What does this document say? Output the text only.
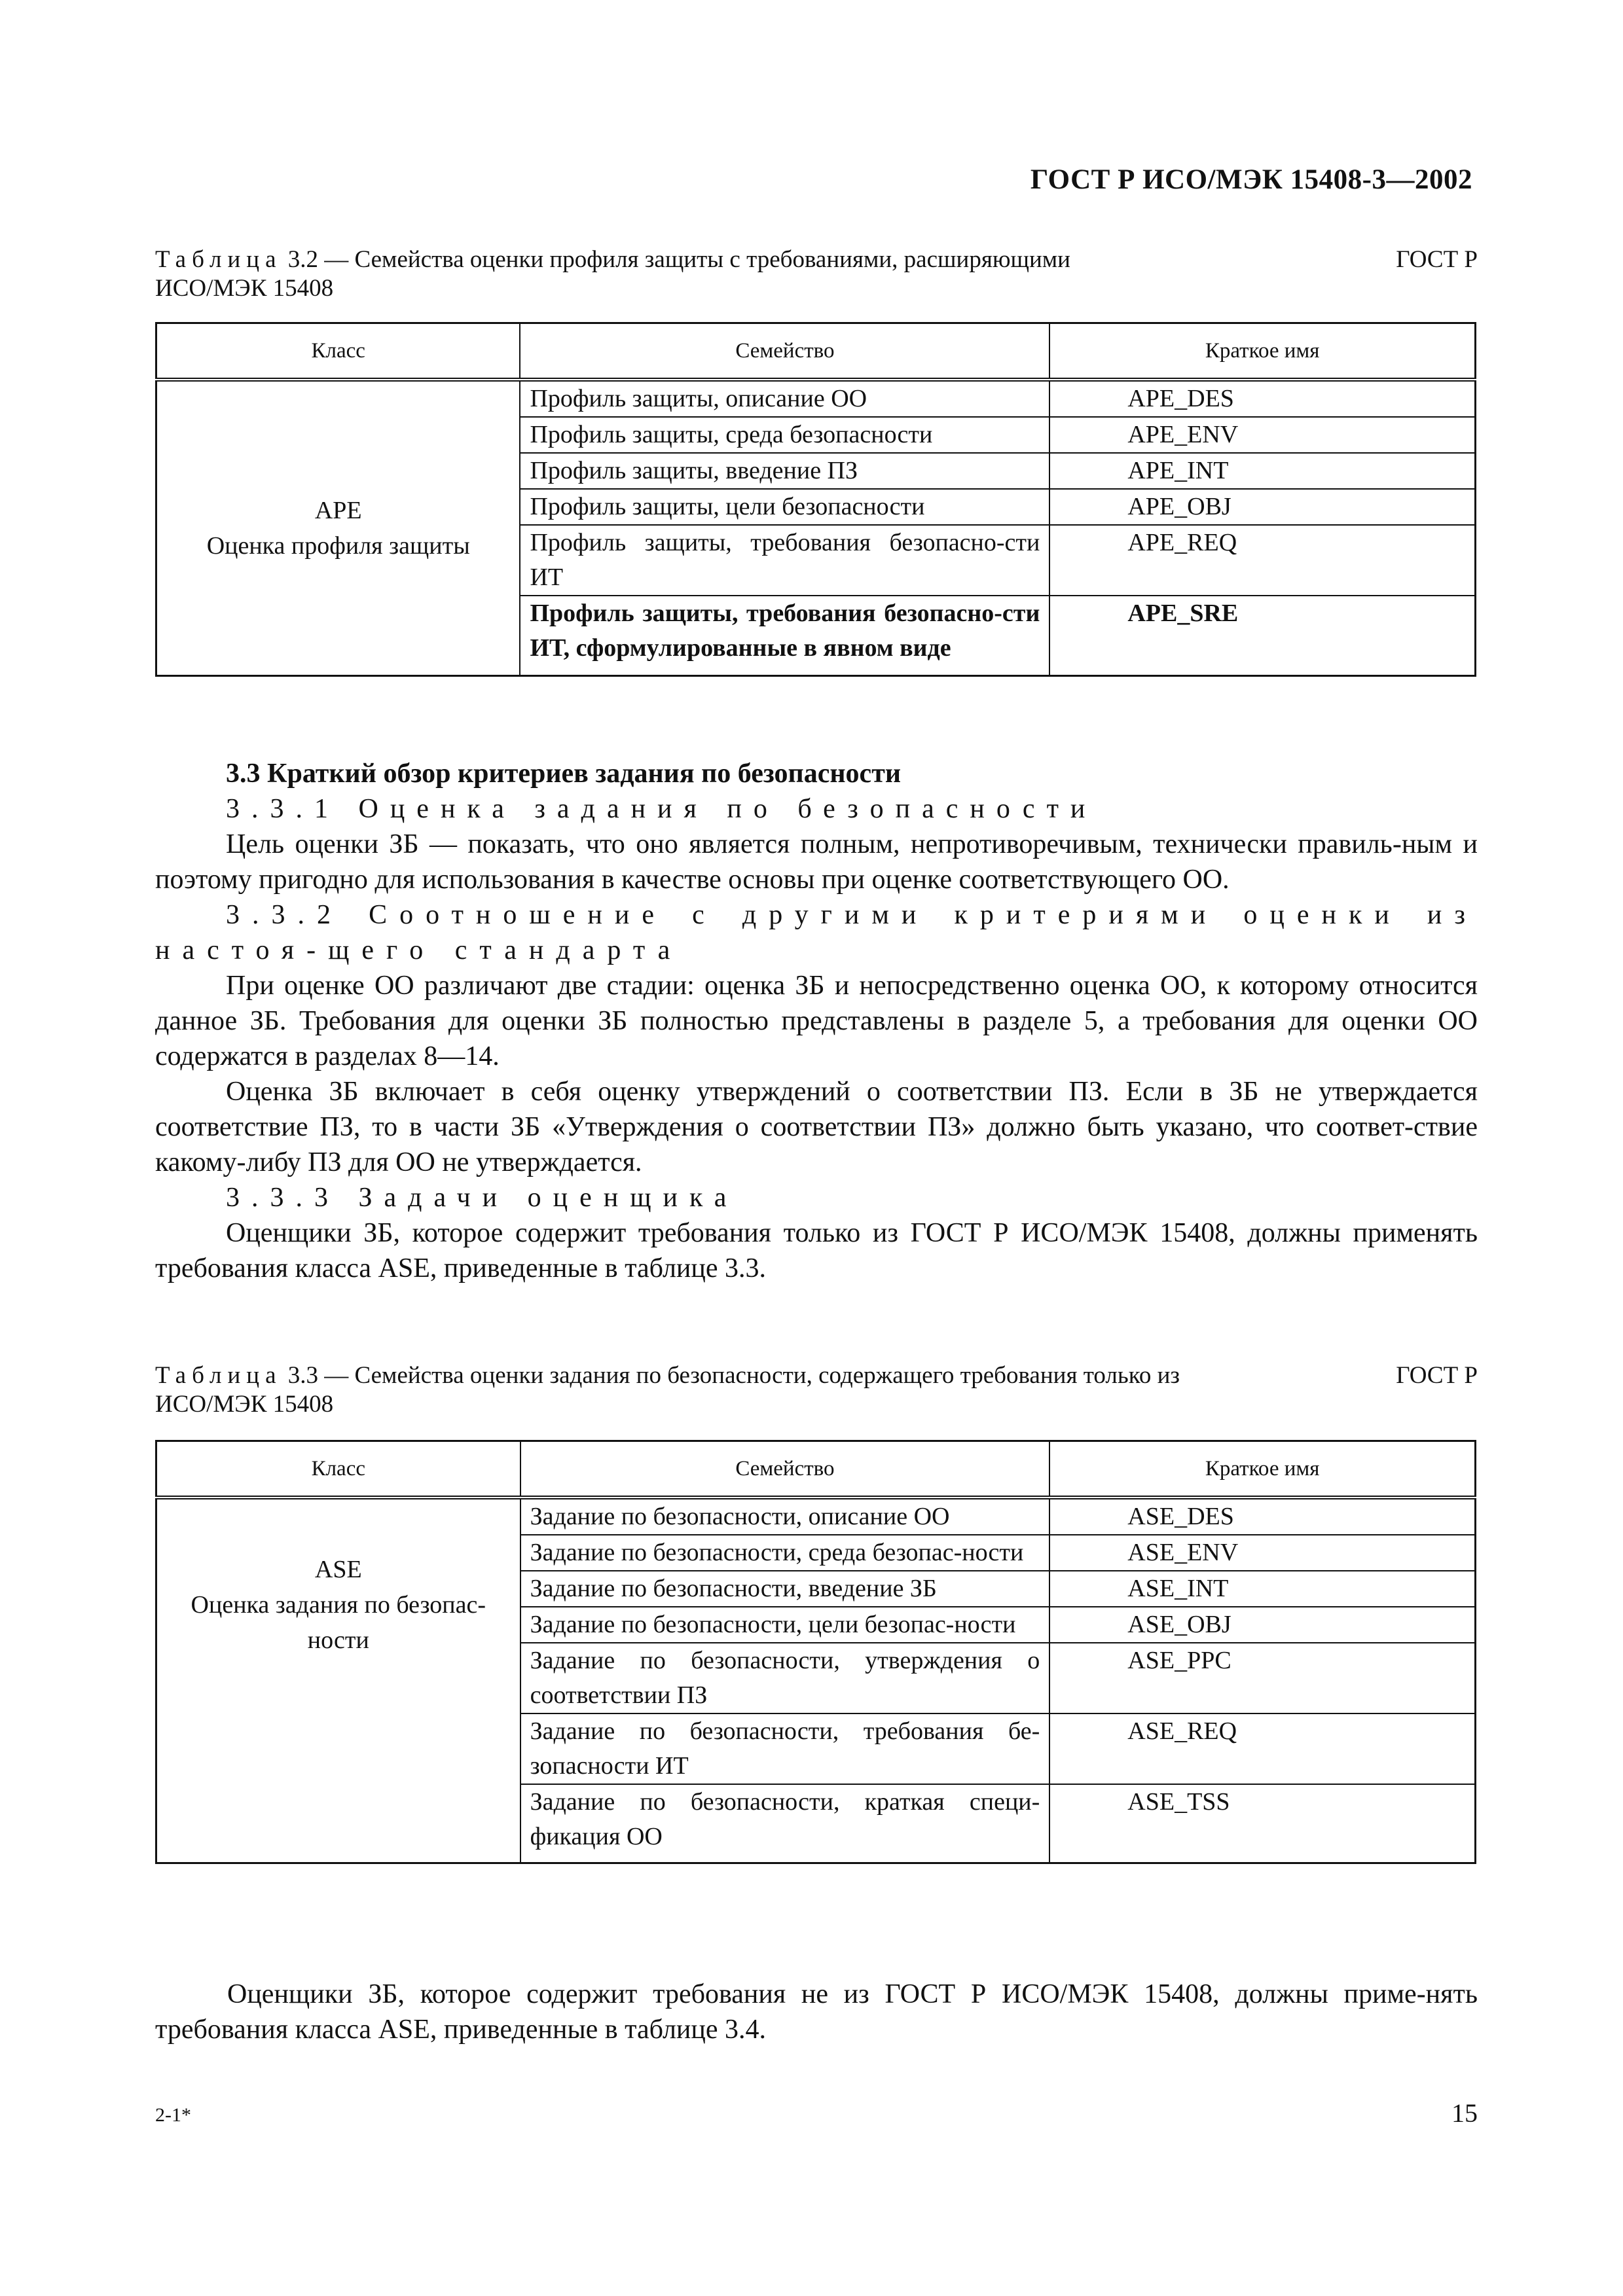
ГОСТ Р ИСО/МЭК 15408-3—2002
Таблица 3.2 — Семейства оценки профиля защиты с требованиями, расширяющими	ГОСТ Р
ИСО/МЭК 15408
Класс	Семейство	Краткое имя

APE
Оценка профиля защиты	Профиль защиты, описание ОО	APE_DES
	Профиль защиты, среда безопасности	APE_ENV
	Профиль защиты, введение ПЗ	APE_INT
	Профиль защиты, цели безопасности	APE_OBJ
	Профиль защиты, требования безопасно-сти ИТ	APE_REQ
	Профиль защиты, требования безопасно-сти ИТ, сформулированные в явном виде	APE_SRE

3.3 Краткий обзор критериев задания по безопасности

3.3.1 Оценка задания по безопасности

Цель оценки ЗБ — показать, что оно является полным, непротиворечивым, технически правиль-ным и поэтому пригодно для использования в качестве основы при оценке соответствующего ОО.

3.3.2 Соотношение с другими критериями оценки из настоя-щего стандарта

При оценке ОО различают две стадии: оценка ЗБ и непосредственно оценка ОО, к которому относится данное ЗБ. Требования для оценки ЗБ полностью представлены в разделе 5, а требования для оценки ОО содержатся в разделах 8—14.

Оценка ЗБ включает в себя оценку утверждений о соответствии ПЗ. Если в ЗБ не утверждается соответствие ПЗ, то в части ЗБ «Утверждения о соответствии ПЗ» должно быть указано, что соответ-ствие какому-либу ПЗ для ОО не утверждается.

3.3.3 Задачи оценщика

Оценщики ЗБ, которое содержит требования только из ГОСТ Р ИСО/МЭК 15408, должны применять требования класса ASE, приведенные в таблице 3.3.

Таблица 3.3 — Семейства оценки задания по безопасности, содержащего требования только из	ГОСТ Р
ИСО/МЭК 15408
Класс	Семейство	Краткое имя

ASE
Оценка задания по безопас-ности	Задание по безопасности, описание ОО	ASE_DES
	Задание по безопасности, среда безопас-ности	ASE_ENV
	Задание по безопасности, введение ЗБ	ASE_INT
	Задание по безопасности, цели безопас-ности	ASE_OBJ
	Задание по безопасности, утверждения о соответствии ПЗ	ASE_PPC
	Задание по безопасности, требования бе-зопасности ИТ	ASE_REQ
	Задание по безопасности, краткая специ-фикация ОО	ASE_TSS

Оценщики ЗБ, которое содержит требования не из ГОСТ Р ИСО/МЭК 15408, должны приме-нять требования класса ASE, приведенные в таблице 3.4.

2-1*	15
